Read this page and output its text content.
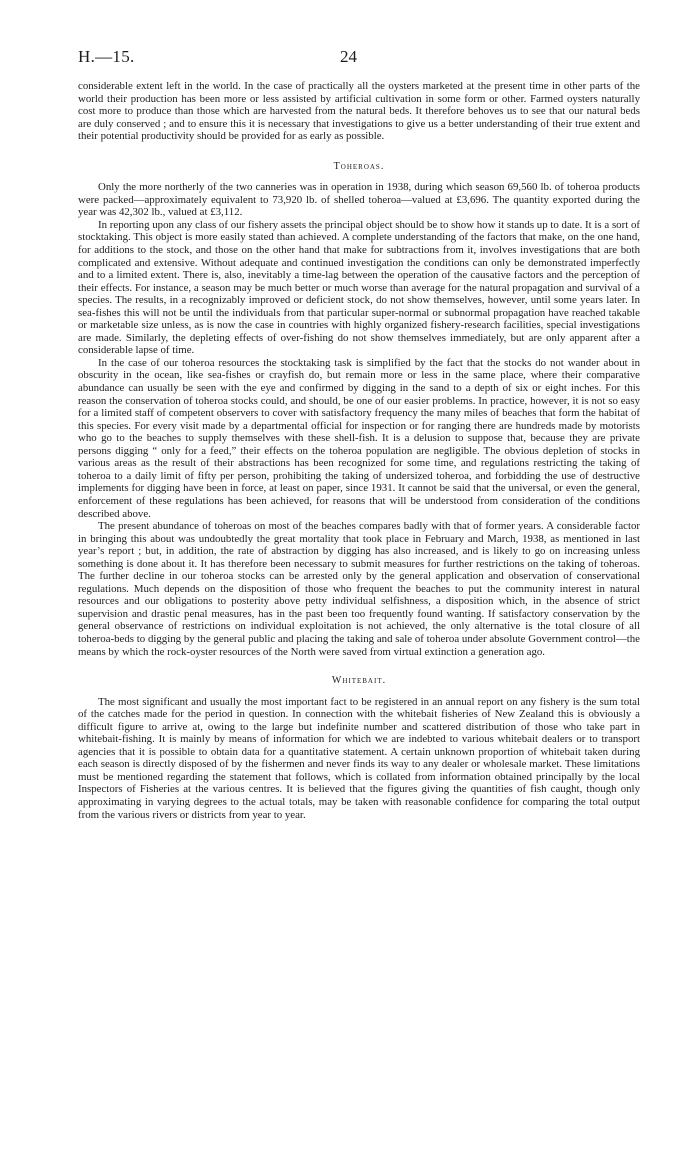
H.—15.	24

considerable extent left in the world. In the case of practically all the oysters marketed at the present time in other parts of the world their production has been more or less assisted by artificial cultivation in some form or other. Farmed oysters naturally cost more to produce than those which are harvested from the natural beds. It therefore behoves us to see that our natural beds are duly conserved ; and to ensure this it is necessary that investigations to give us a better understanding of their true extent and their potential productivity should be provided for as early as possible.

Toheroas.

Only the more northerly of the two canneries was in operation in 1938, during which season 69,560 lb. of toheroa products were packed—approximately equivalent to 73,920 lb. of shelled toheroa—valued at £3,696. The quantity exported during the year was 42,302 lb., valued at £3,112.

In reporting upon any class of our fishery assets the principal object should be to show how it stands up to date. It is a sort of stocktaking. This object is more easily stated than achieved. A complete understanding of the factors that make, on the one hand, for additions to the stock, and those on the other hand that make for subtractions from it, involves investigations that are both complicated and extensive. Without adequate and continued investigation the conditions can only be demonstrated imperfectly and to a limited extent. There is, also, inevitably a time-lag between the operation of the causative factors and the perception of their effects. For instance, a season may be much better or much worse than average for the natural propagation and survival of a species. The results, in a recognizably improved or deficient stock, do not show themselves, however, until some years later. In sea-fishes this will not be until the individuals from that particular super-normal or subnormal propagation have reached takable or marketable size unless, as is now the case in countries with highly organized fishery-research facilities, special investigations are made. Similarly, the depleting effects of over-fishing do not show themselves immediately, but are only apparent after a considerable lapse of time.

In the case of our toheroa resources the stocktaking task is simplified by the fact that the stocks do not wander about in obscurity in the ocean, like sea-fishes or crayfish do, but remain more or less in the same place, where their comparative abundance can usually be seen with the eye and confirmed by digging in the sand to a depth of six or eight inches. For this reason the conservation of toheroa stocks could, and should, be one of our easier problems. In practice, however, it is not so easy for a limited staff of competent observers to cover with satisfactory frequency the many miles of beaches that form the habitat of this species. For every visit made by a departmental official for inspection or for ranging there are hundreds made by motorists who go to the beaches to supply themselves with these shell-fish. It is a delusion to suppose that, because they are private persons digging “ only for a feed,” their effects on the toheroa population are negligible. The obvious depletion of stocks in various areas as the result of their abstractions has been recognized for some time, and regulations restricting the taking of toheroa to a daily limit of fifty per person, prohibiting the taking of undersized toheroa, and forbidding the use of destructive implements for digging have been in force, at least on paper, since 1931. It cannot be said that the universal, or even the general, enforcement of these regulations has been achieved, for reasons that will be understood from consideration of the conditions described above.

The present abundance of toheroas on most of the beaches compares badly with that of former years. A considerable factor in bringing this about was undoubtedly the great mortality that took place in February and March, 1938, as mentioned in last year’s report ; but, in addition, the rate of abstraction by digging has also increased, and is likely to go on increasing unless something is done about it. It has therefore been necessary to submit measures for further restrictions on the taking of toheroas. The further decline in our toheroa stocks can be arrested only by the general application and observation of conservational regulations. Much depends on the disposition of those who frequent the beaches to put the community interest in natural resources and our obligations to posterity above petty individual selfishness, a disposition which, in the absence of strict supervision and drastic penal measures, has in the past been too frequently found wanting. If satisfactory conservation by the general observance of restrictions on individual exploitation is not achieved, the only alternative is the total closure of all toheroa-beds to digging by the general public and placing the taking and sale of toheroa under absolute Government control—the means by which the rock-oyster resources of the North were saved from virtual extinction a generation ago.

Whitebait.

The most significant and usually the most important fact to be registered in an annual report on any fishery is the sum total of the catches made for the period in question. In connection with the whitebait fisheries of New Zealand this is obviously a difficult figure to arrive at, owing to the large but indefinite number and scattered distribution of those who take part in whitebait-fishing. It is mainly by means of information for which we are indebted to various whitebait dealers or to transport agencies that it is possible to obtain data for a quantitative statement. A certain unknown proportion of whitebait taken during each season is directly disposed of by the fishermen and never finds its way to any dealer or wholesale market. These limitations must be mentioned regarding the statement that follows, which is collated from information obtained principally by the local Inspectors of Fisheries at the various centres. It is believed that the figures giving the quantities of fish caught, though only approximating in varying degrees to the actual totals, may be taken with reasonable confidence for comparing the total output from the various rivers or districts from year to year.
